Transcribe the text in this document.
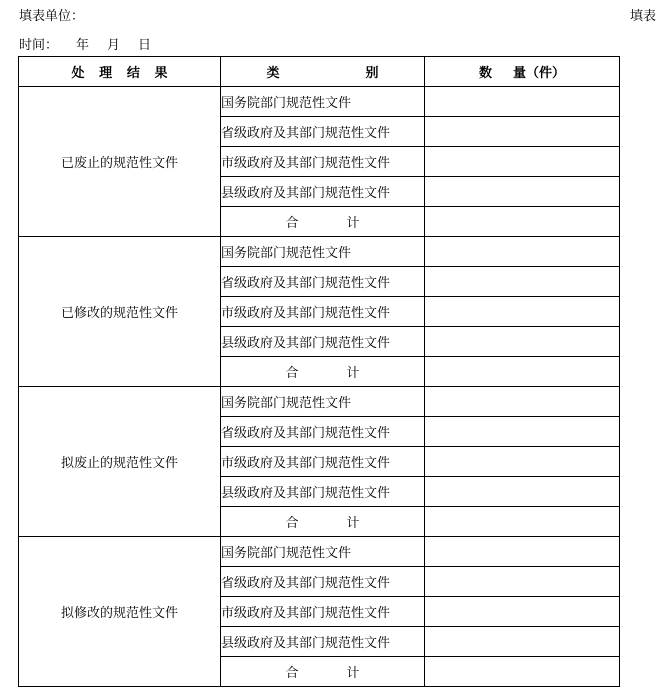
填表单位：	填表
时间： 年 月 日
处 理 结 果	类 别	数 量（件）

已废止的规范性文件	国务院部门规范性文件	
	省级政府及其部门规范性文件	
	市级政府及其部门规范性文件	
	县级政府及其部门规范性文件	

	合 计	

已修改的规范性文件	国务院部门规范性文件	
	省级政府及其部门规范性文件	
	市级政府及其部门规范性文件	
	县级政府及其部门规范性文件	

	合 计	

拟废止的规范性文件	国务院部门规范性文件	
	省级政府及其部门规范性文件	
	市级政府及其部门规范性文件	
	县级政府及其部门规范性文件	

	合 计	

拟修改的规范性文件	国务院部门规范性文件	
	省级政府及其部门规范性文件	
	市级政府及其部门规范性文件	
	县级政府及其部门规范性文件	

	合 计	
